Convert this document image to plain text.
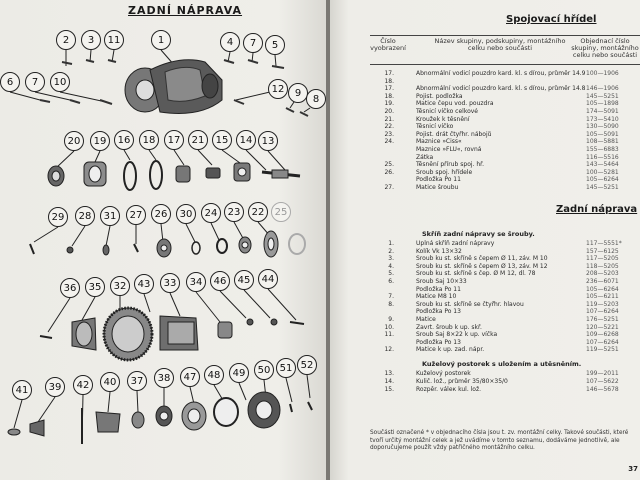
ZADNÍ NÁPRAVA
2	3	11	1	4	7	5
6	7	10
12	9
8
20	19	16	18	17	21	15	14 13
29	28	31	27	26	30	24	23	22	25
36	35	32	43	33	34	46	45	44
41	39	42	40	37	38	47	48	49	50 51 52
Spojovací hřídel
Číslo vyobrazení
Název skupiny, podskupiny, montážního celku nebo součásti
Objednací číslo skupiny, montážního celku nebo součásti
17.	Abnormální vodicí pouzdro kard. kl. s dírou, průměr 14.9 100—1906
18.
17.	Abnormální vodicí pouzdro kard. kl. s dírou, průměr 14.8 146—1906
18.	Pojist. podložka	145—5251
19.	Matice čepu vod. pouzdra	105—1898
20.	Těsnicí víčko celkové	174—5091
21.	Kroužek k těsnění	173—5410
22.	Těsnicí víčko	130—5090
23.	Pojist. drát čtyřhr. nábojů	105—5091
24.	Maznice »Ciss«	108—5881
Maznice »FLU«, rovná	155—6883
Zátka	116—5516
25.	Těsnění přírub spoj. hř.	143—5464
26.	Šroub spoj. hřídele	100—5281
Podložka Po 11	105—6264
27.	Matice šroubu	145—5251
Zadní náprava
Skříň zadní nápravy se šrouby.
1.	Úplná skříň zadní nápravy	117—5551*
2.	Kolík Vk 13×32	157—6125
3.	Šroub ku st. skříně s čepem Ø 11, záv. M 10	117—5205
4.	Šroub ku st. skříně s čepem Ø 13, záv. M 12	118—5205
5.	Šroub ku st. skříně s čep. Ø M 12, dl. 78	208—5203
6.	Šroub Šaj 10×33	236—6071
Podložka Po 11	105—6264
7.	Matice M8 10	105—6211
8.	Šroub ku st. skříně se čtyřhr. hlavou	119—5203
Podložka Po 13	107—6264
9.	Matice	176—5251
10.	Zavrt. šroub k up. skř.	120—5221
11.	Šroub Šaj 8×22 k up. víčka	109—6268
Podložka Po 13	107—6264
12.	Matice k up. zad. nápr.	119—5251
Kuželový postorek s uložením a utěsněním.
13.	Kuželový postorek	199—2011
14.	Kulič. lož., průměr 35/80×35/0	107—5622
15.	Rozpěr. váleк kul. lož.	146—5678
Součásti označené * v objednacího čísla jsou t. zv. montážní celky. Takové součásti, které tvoří určitý montážní celek a jež uvádíme v tomto seznamu, dodáváme jednotlivě, ale doporučujeme použít vždy patřičného montážního celku.
37
